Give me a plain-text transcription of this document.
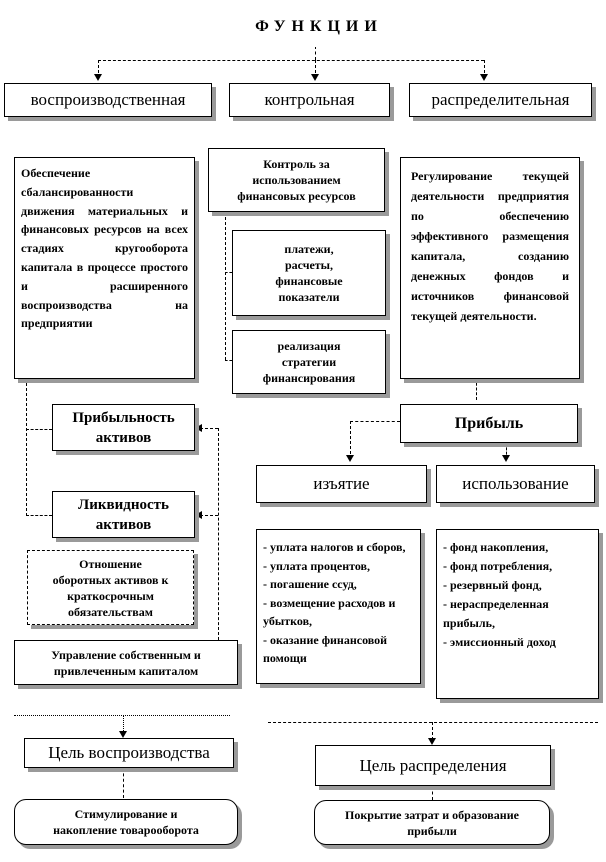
ФУНКЦИИ
воспроизводственная	контрольная	распределительная
Обеспечение сбалансированности движения материальных и финансовых ресурсов на всех стадиях кругооборота капитала в процессе простого и расширенного воспроизводства на предприятии
Контроль за использованием финансовых ресурсов
платежи,
расчеты,
финансовые
показатели
реализация
стратегии
финансирования
Регулирование текущей деятельности предприятия по обеспечению эффективного размещения капитала, созданию денежных фондов и источников финансовой текущей деятельности.
Прибыльность
активов
Ликвидность
активов
Отношение
оборотных активов к
краткосрочным
обязательствам
Управление собственным и
привлеченным капиталом
Прибыль
изъятие	использование
- уплата налогов и сборов,
- уплата процентов,
- погашение ссуд,
- возмещение расходов и убытков,
- оказание финансовой помощи
- фонд накопления,
- фонд потребления,
- резервный фонд,
- нераспределенная прибыль,
- эмиссионный доход
Цель воспроизводства
Цель распределения
Стимулирование и
накопление товарооборота
Покрытие затрат и образование
прибыли
